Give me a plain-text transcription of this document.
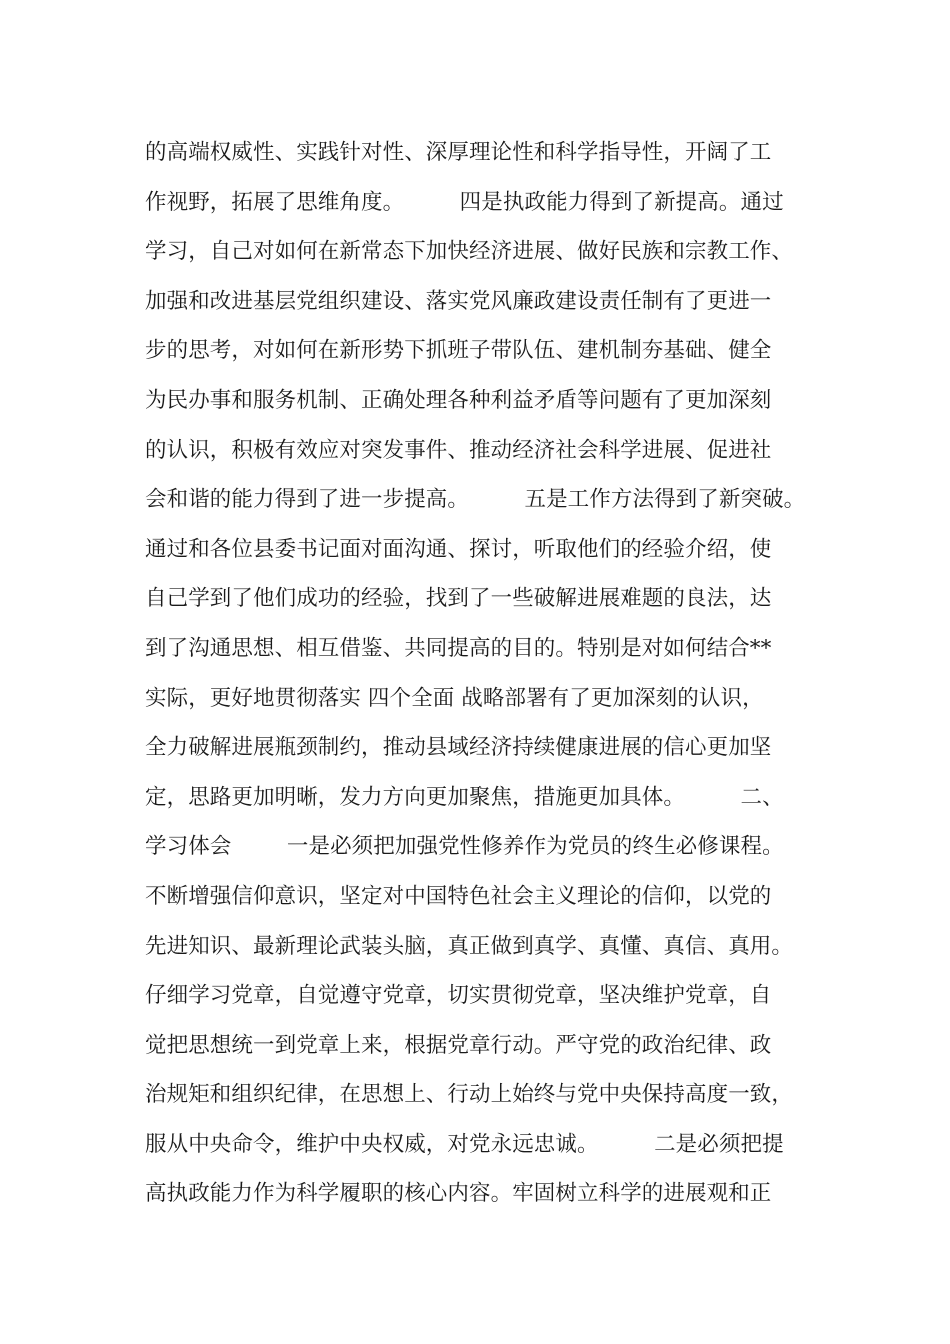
的高端权威性、实践针对性、深厚理论性和科学指导性，开阔了工
作视野，拓展了思维角度。        四是执政能力得到了新提高。通过
学习，自己对如何在新常态下加快经济进展、做好民族和宗教工作、
加强和改进基层党组织建设、落实党风廉政建设责任制有了更进一
步的思考，对如何在新形势下抓班子带队伍、建机制夯基础、健全
为民办事和服务机制、正确处理各种利益矛盾等问题有了更加深刻
的认识，积极有效应对突发事件、推动经济社会科学进展、促进社
会和谐的能力得到了进一步提高。        五是工作方法得到了新突破。
通过和各位县委书记面对面沟通、探讨，听取他们的经验介绍，使
自己学到了他们成功的经验，找到了一些破解进展难题的良法，达
到了沟通思想、相互借鉴、共同提高的目的。特别是对如何结合**
实际，更好地贯彻落实 四个全面 战略部署有了更加深刻的认识，
全力破解进展瓶颈制约，推动县域经济持续健康进展的信心更加坚
定，思路更加明晰，发力方向更加聚焦，措施更加具体。        二、
学习体会        一是必须把加强党性修养作为党员的终生必修课程。
不断增强信仰意识，坚定对中国特色社会主义理论的信仰，以党的
先进知识、最新理论武装头脑，真正做到真学、真懂、真信、真用。
仔细学习党章，自觉遵守党章，切实贯彻党章，坚决维护党章，自
觉把思想统一到党章上来，根据党章行动。严守党的政治纪律、政
治规矩和组织纪律，在思想上、行动上始终与党中央保持高度一致，
服从中央命令，维护中央权威，对党永远忠诚。        二是必须把提
高执政能力作为科学履职的核心内容。牢固树立科学的进展观和正
